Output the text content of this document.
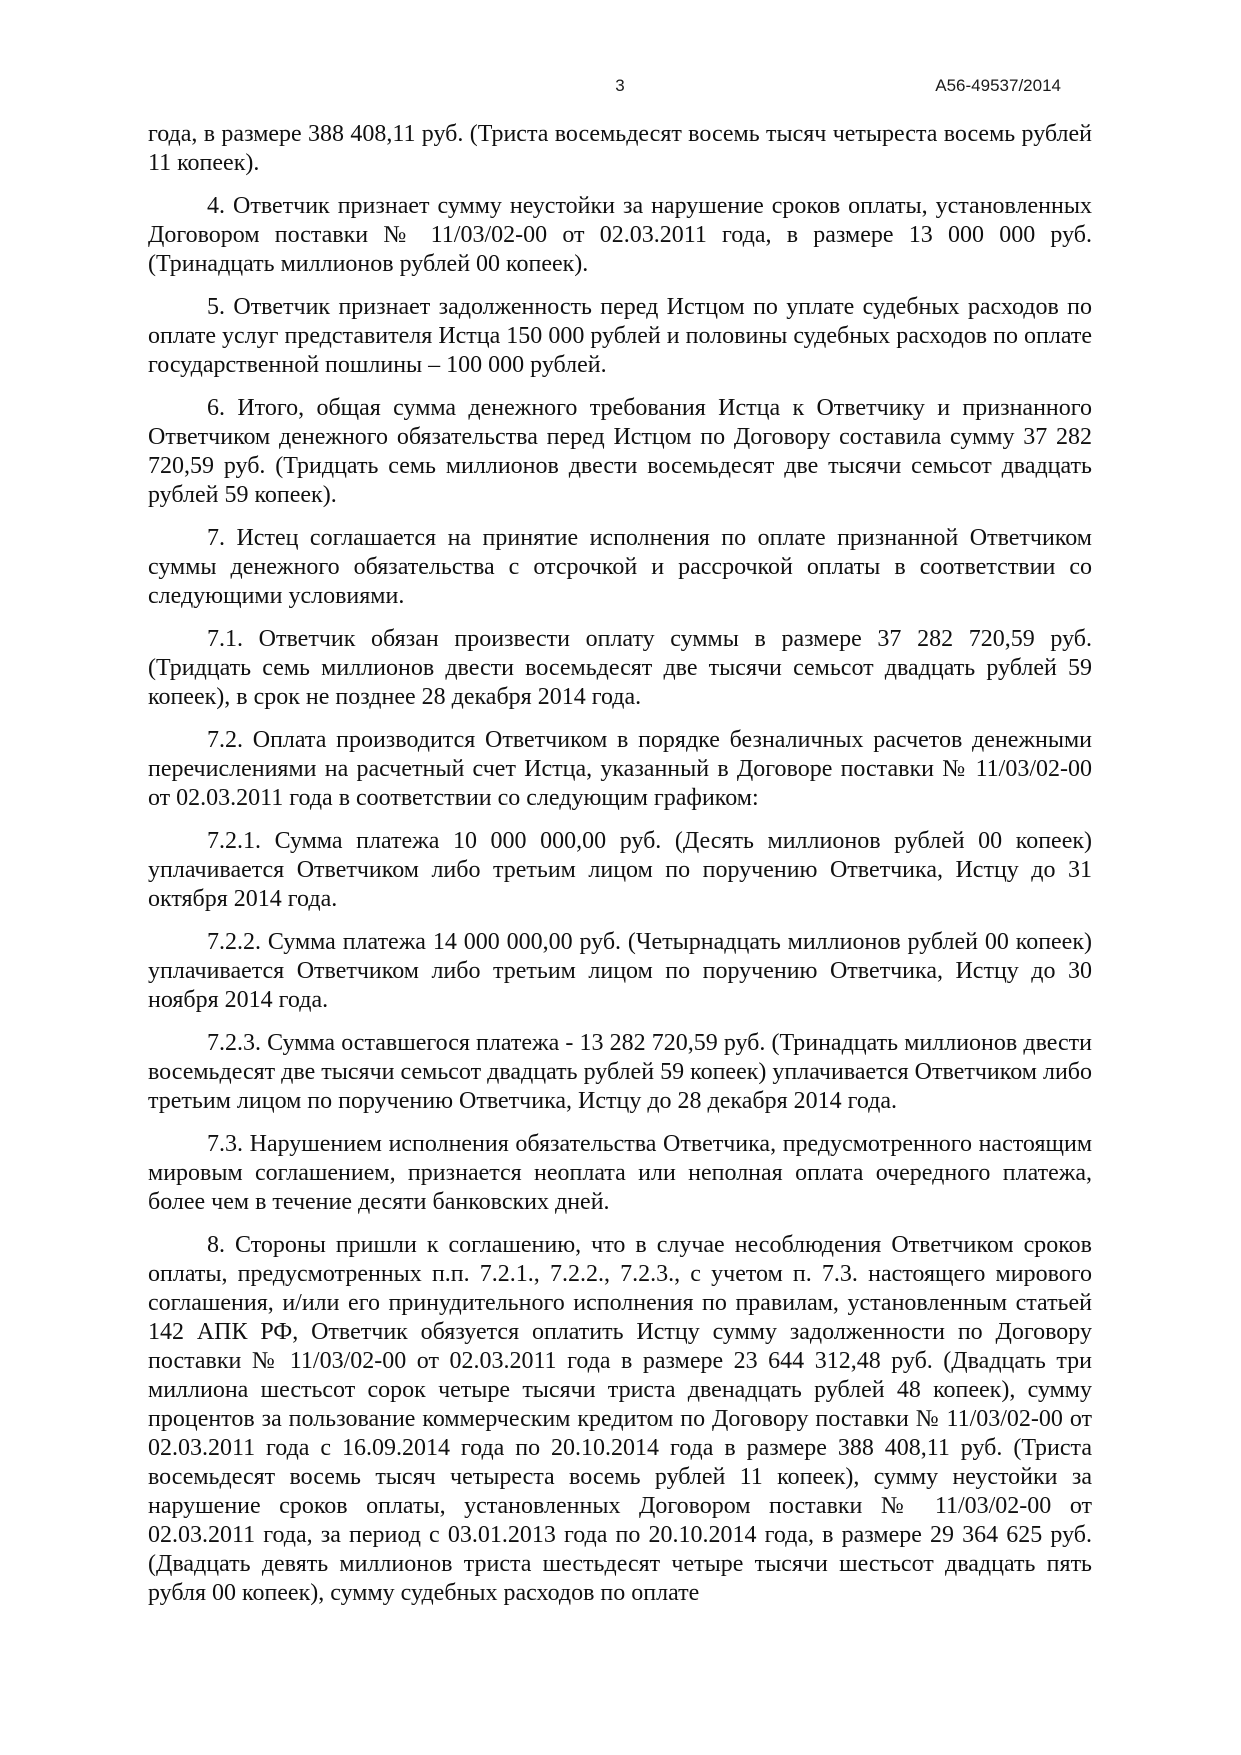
3	А56-49537/2014

года, в размере 388 408,11 руб. (Триста восемьдесят восемь тысяч четыреста восемь рублей 11 копеек).

4. Ответчик признает сумму неустойки за нарушение сроков оплаты, установленных Договором поставки № 11/03/02-00 от 02.03.2011 года, в размере 13 000 000 руб. (Тринадцать миллионов рублей 00 копеек).

5. Ответчик признает задолженность перед Истцом по уплате судебных расходов по оплате услуг представителя Истца 150 000 рублей и половины судебных расходов по оплате государственной пошлины – 100 000 рублей.

6. Итого, общая сумма денежного требования Истца к Ответчику и признанного Ответчиком денежного обязательства перед Истцом по Договору составила сумму 37 282 720,59 руб. (Тридцать семь миллионов двести восемьдесят две тысячи семьсот двадцать рублей 59 копеек).

7. Истец соглашается на принятие исполнения по оплате признанной Ответчиком суммы денежного обязательства с отсрочкой и рассрочкой оплаты в соответствии со следующими условиями.

7.1. Ответчик обязан произвести оплату суммы в размере 37 282 720,59 руб. (Тридцать семь миллионов двести восемьдесят две тысячи семьсот двадцать рублей 59 копеек), в срок не позднее 28 декабря 2014 года.

7.2. Оплата производится Ответчиком в порядке безналичных расчетов денежными перечислениями на расчетный счет Истца, указанный в Договоре поставки № 11/03/02-00 от 02.03.2011 года в соответствии со следующим графиком:

7.2.1. Сумма платежа 10 000 000,00 руб. (Десять миллионов рублей 00 копеек) уплачивается Ответчиком либо третьим лицом по поручению Ответчика, Истцу до 31 октября 2014 года.

7.2.2. Сумма платежа 14 000 000,00 руб. (Четырнадцать миллионов рублей 00 копеек) уплачивается Ответчиком либо третьим лицом по поручению Ответчика, Истцу до 30 ноября 2014 года.

7.2.3. Сумма оставшегося платежа - 13 282 720,59 руб. (Тринадцать миллионов двести восемьдесят две тысячи семьсот двадцать рублей 59 копеек) уплачивается Ответчиком либо третьим лицом по поручению Ответчика, Истцу до 28 декабря 2014 года.

7.3. Нарушением исполнения обязательства Ответчика, предусмотренного настоящим мировым соглашением, признается неоплата или неполная оплата очередного платежа, более чем в течение десяти банковских дней.

8. Стороны пришли к соглашению, что в случае несоблюдения Ответчиком сроков оплаты, предусмотренных п.п. 7.2.1., 7.2.2., 7.2.3., с учетом п. 7.3. настоящего мирового соглашения, и/или его принудительного исполнения по правилам, установленным статьей 142 АПК РФ, Ответчик обязуется оплатить Истцу сумму задолженности по Договору поставки № 11/03/02-00 от 02.03.2011 года в размере 23 644 312,48 руб. (Двадцать три миллиона шестьсот сорок четыре тысячи триста двенадцать рублей 48 копеек), сумму процентов за пользование коммерческим кредитом по Договору поставки № 11/03/02-00 от 02.03.2011 года с 16.09.2014 года по 20.10.2014 года в размере 388 408,11 руб. (Триста восемьдесят восемь тысяч четыреста восемь рублей 11 копеек), сумму неустойки за нарушение сроков оплаты, установленных Договором поставки № 11/03/02-00 от 02.03.2011 года, за период с 03.01.2013 года по 20.10.2014 года, в размере 29 364 625 руб. (Двадцать девять миллионов триста шестьдесят четыре тысячи шестьсот двадцать пять рубля 00 копеек), сумму судебных расходов по оплате
